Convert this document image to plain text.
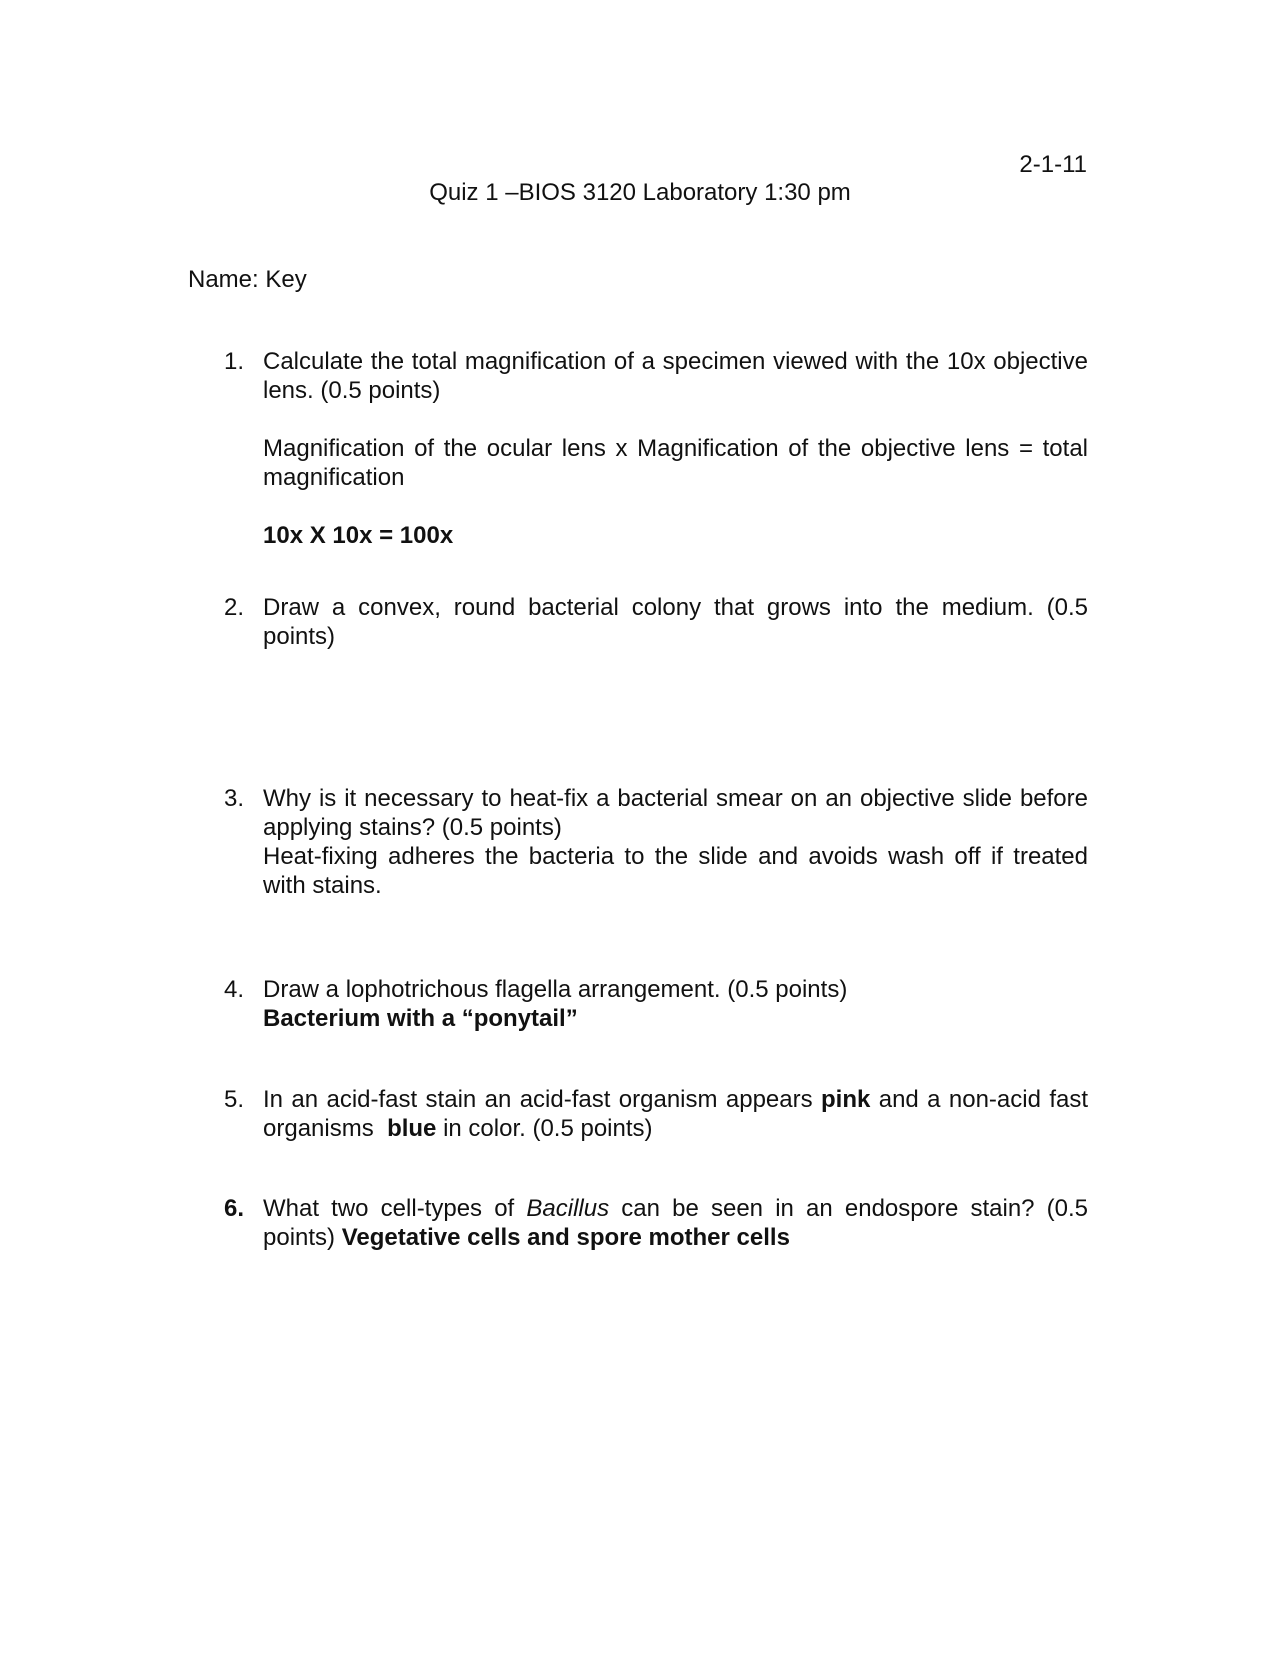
2-1-11
Quiz 1 –BIOS 3120 Laboratory 1:30 pm
Name: Key
1. Calculate the total magnification of a specimen viewed with the 10x objective lens. (0.5 points)

Magnification of the ocular lens x Magnification of the objective lens = total magnification

10x X 10x = 100x

2. Draw a convex, round bacterial colony that grows into the medium. (0.5 points)

3. Why is it necessary to heat-fix a bacterial smear on an objective slide before applying stains? (0.5 points)

Heat-fixing adheres the bacteria to the slide and avoids wash off if treated with stains.

4. Draw a lophotrichous flagella arrangement. (0.5 points)

Bacterium with a “ponytail”

5. In an acid-fast stain an acid-fast organism appears pink and a non-acid fast organisms blue in color. (0.5 points)

6. What two cell-types of Bacillus can be seen in an endospore stain? (0.5 points) Vegetative cells and spore mother cells
